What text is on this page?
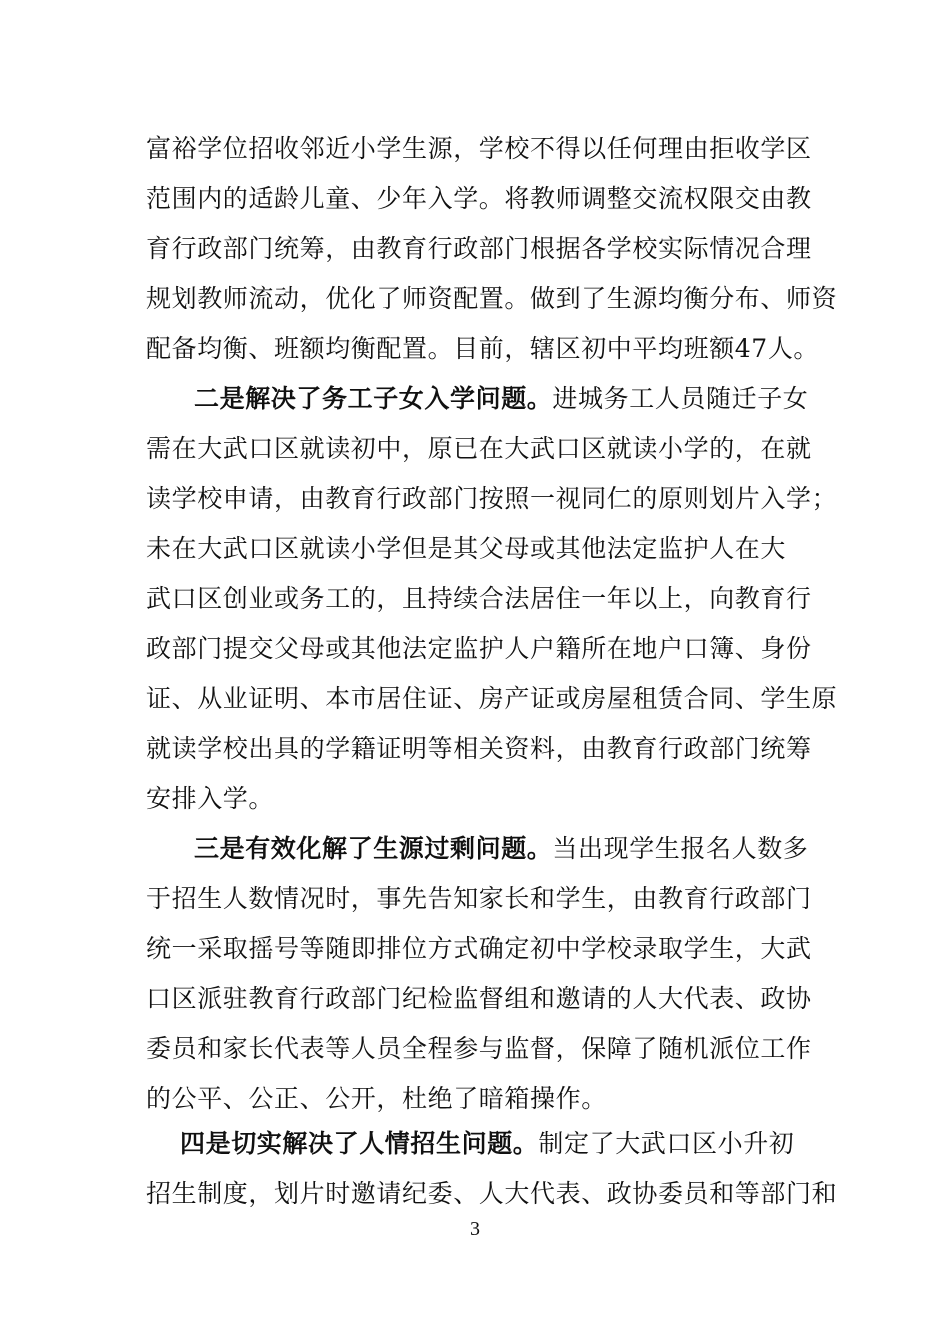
富裕学位招收邻近小学生源，学校不得以任何理由拒收学区
范围内的适龄儿童、少年入学。将教师调整交流权限交由教
育行政部门统筹，由教育行政部门根据各学校实际情况合理
规划教师流动，优化了师资配置。做到了生源均衡分布、师资
配备均衡、班额均衡配置。目前，辖区初中平均班额47人。
二是解决了务工子女入学问题。进城务工人员随迁子女
需在大武口区就读初中，原已在大武口区就读小学的，在就
读学校申请，由教育行政部门按照一视同仁的原则划片入学；
未在大武口区就读小学但是其父母或其他法定监护人在大
武口区创业或务工的，且持续合法居住一年以上，向教育行
政部门提交父母或其他法定监护人户籍所在地户口簿、身份
证、从业证明、本市居住证、房产证或房屋租赁合同、学生原
就读学校出具的学籍证明等相关资料，由教育行政部门统筹
安排入学。
三是有效化解了生源过剩问题。当出现学生报名人数多
于招生人数情况时，事先告知家长和学生，由教育行政部门
统一采取摇号等随即排位方式确定初中学校录取学生，大武
口区派驻教育行政部门纪检监督组和邀请的人大代表、政协
委员和家长代表等人员全程参与监督，保障了随机派位工作
的公平、公正、公开，杜绝了暗箱操作。
四是切实解决了人情招生问题。制定了大武口区小升初
招生制度，划片时邀请纪委、人大代表、政协委员和等部门和
3
